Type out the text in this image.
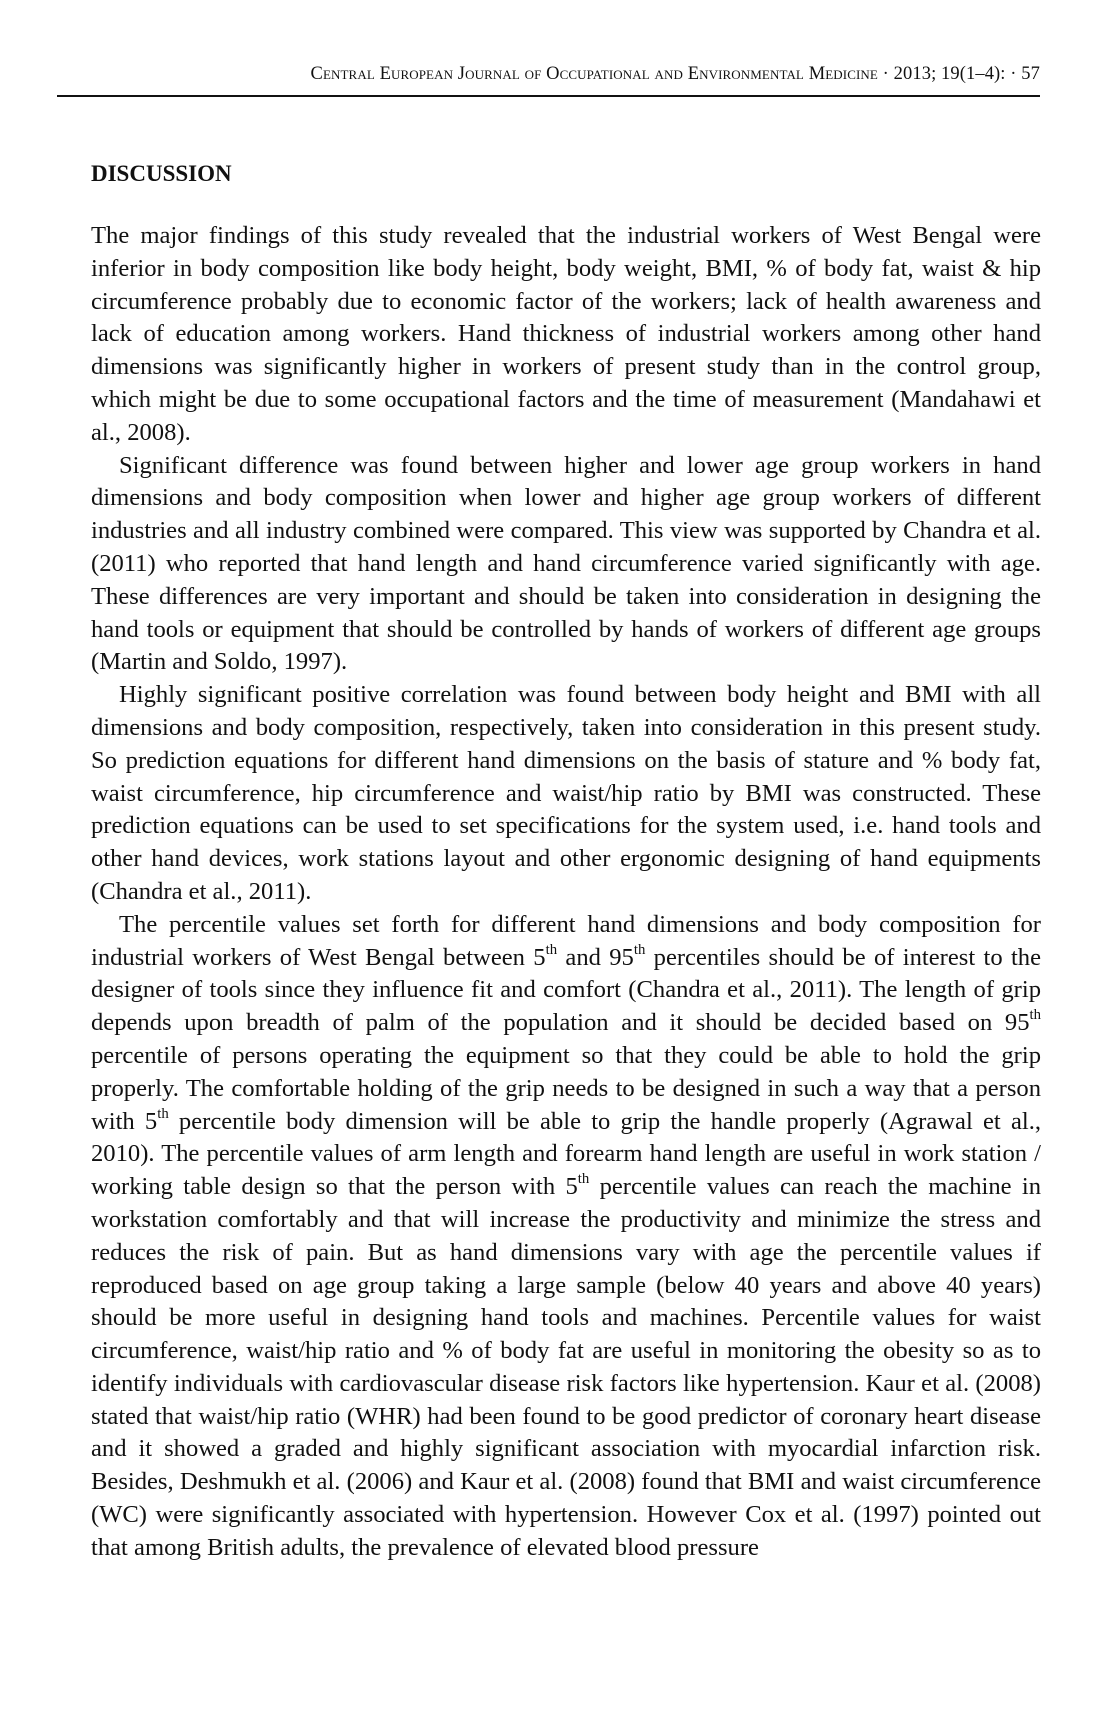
Central European Journal of Occupational and Environmental Medicine · 2013; 19(1–4): · 57
DISCUSSION

The major findings of this study revealed that the industrial workers of West Bengal were inferior in body composition like body height, body weight, BMI, % of body fat, waist & hip circumference probably due to economic factor of the workers; lack of health awareness and lack of education among workers. Hand thickness of industrial workers among other hand dimensions was significantly higher in workers of present study than in the control group, which might be due to some occupational factors and the time of measurement (Mandahawi et al., 2008).

Significant difference was found between higher and lower age group workers in hand dimensions and body composition when lower and higher age group workers of different industries and all industry combined were compared. This view was supported by Chandra et al. (2011) who reported that hand length and hand circumference varied significantly with age. These differences are very important and should be taken into consideration in designing the hand tools or equipment that should be controlled by hands of workers of different age groups (Martin and Soldo, 1997).

Highly significant positive correlation was found between body height and BMI with all dimensions and body composition, respectively, taken into consideration in this present study. So prediction equations for different hand dimensions on the basis of stature and % body fat, waist circumference, hip circumference and waist/hip ratio by BMI was constructed. These prediction equations can be used to set specifications for the system used, i.e. hand tools and other hand devices, work stations layout and other ergonomic designing of hand equipments (Chandra et al., 2011).

The percentile values set forth for different hand dimensions and body composition for industrial workers of West Bengal between 5th and 95th percentiles should be of interest to the designer of tools since they influence fit and comfort (Chandra et al., 2011). The length of grip depends upon breadth of palm of the population and it should be decided based on 95th percentile of persons operating the equipment so that they could be able to hold the grip properly. The comfortable holding of the grip needs to be designed in such a way that a person with 5th percentile body dimension will be able to grip the handle properly (Agrawal et al., 2010). The percentile values of arm length and forearm hand length are useful in work station / working table design so that the person with 5th percentile values can reach the machine in workstation comfortably and that will increase the productivity and minimize the stress and reduces the risk of pain. But as hand dimensions vary with age the percentile values if reproduced based on age group taking a large sample (below 40 years and above 40 years) should be more useful in designing hand tools and machines. Percentile values for waist circumference, waist/hip ratio and % of body fat are useful in monitoring the obesity so as to identify individuals with cardiovascular disease risk factors like hypertension. Kaur et al. (2008) stated that waist/hip ratio (WHR) had been found to be good predictor of coronary heart disease and it showed a graded and highly significant association with myocardial infarction risk. Besides, Deshmukh et al. (2006) and Kaur et al. (2008) found that BMI and waist circumference (WC) were significantly associated with hypertension. However Cox et al. (1997) pointed out that among British adults, the prevalence of elevated blood pressure
